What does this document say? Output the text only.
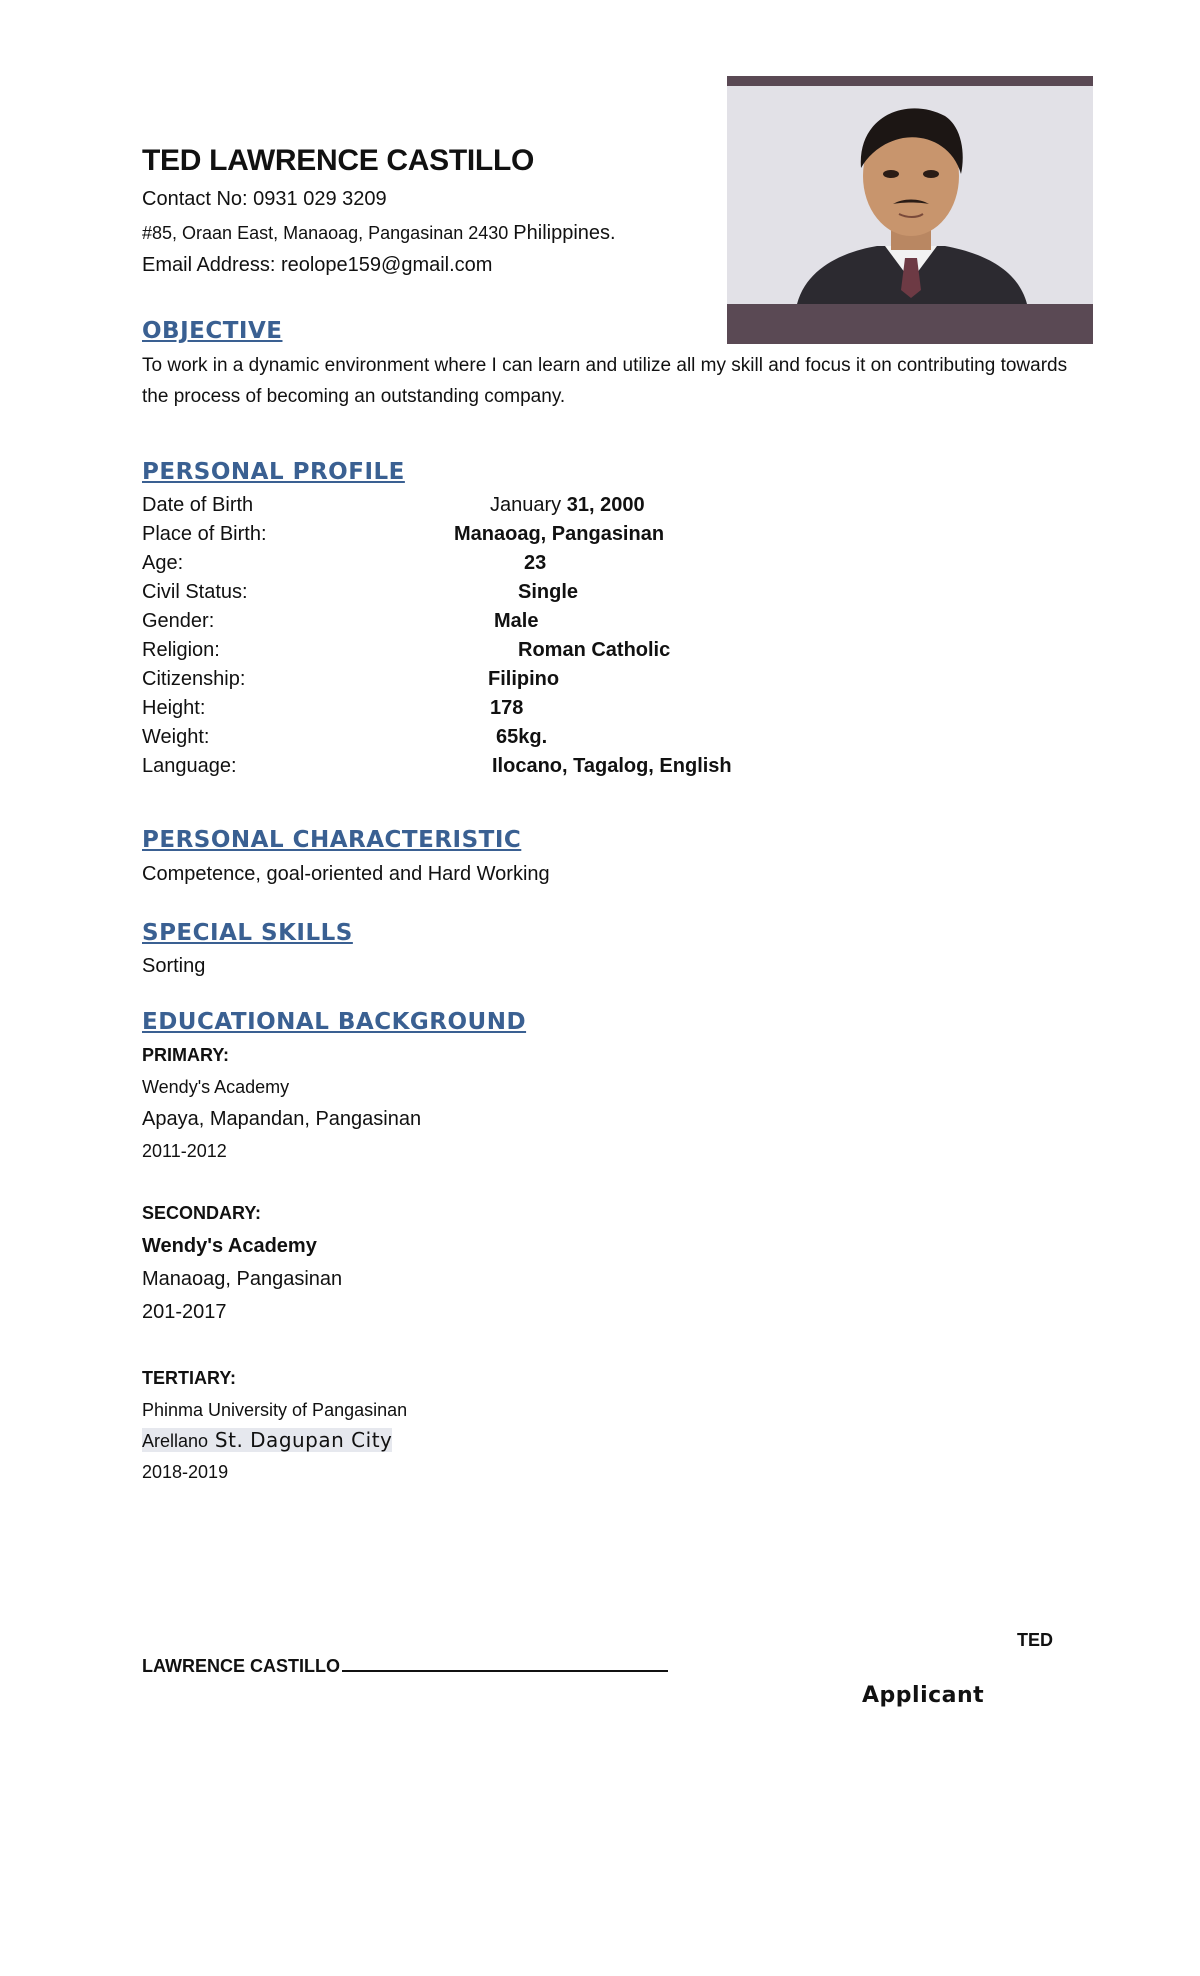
TED LAWRENCE CASTILLO
Contact No: 0931 029 3209
#85, Oraan East, Manaoag, Pangasinan 2430 Philippines.
Email Address: reolope159@gmail.com
OBJECTIVE
To work in a dynamic environment where I can learn and utilize all my skill and focus it on contributing towards the process of becoming an outstanding company.
PERSONAL PROFILE
Date of Birth	January 31, 2000
Place of Birth:	Manaoag, Pangasinan
Age:	23
Civil Status:	Single
Gender:	Male
Religion:	Roman Catholic
Citizenship:	Filipino
Height:	178
Weight:	65kg.
Language:	Ilocano, Tagalog, English
PERSONAL CHARACTERISTIC
Competence, goal-oriented and Hard Working
SPECIAL SKILLS
Sorting
EDUCATIONAL BACKGROUND
PRIMARY:
Wendy's Academy
Apaya, Mapandan, Pangasinan
2011-2012
SECONDARY:
Wendy's Academy
Manaoag, Pangasinan
201-2017
TERTIARY:
Phinma University of Pangasinan
Arellano St. Dagupan City
2018-2019
TED
LAWRENCE CASTILLO
Applicant
